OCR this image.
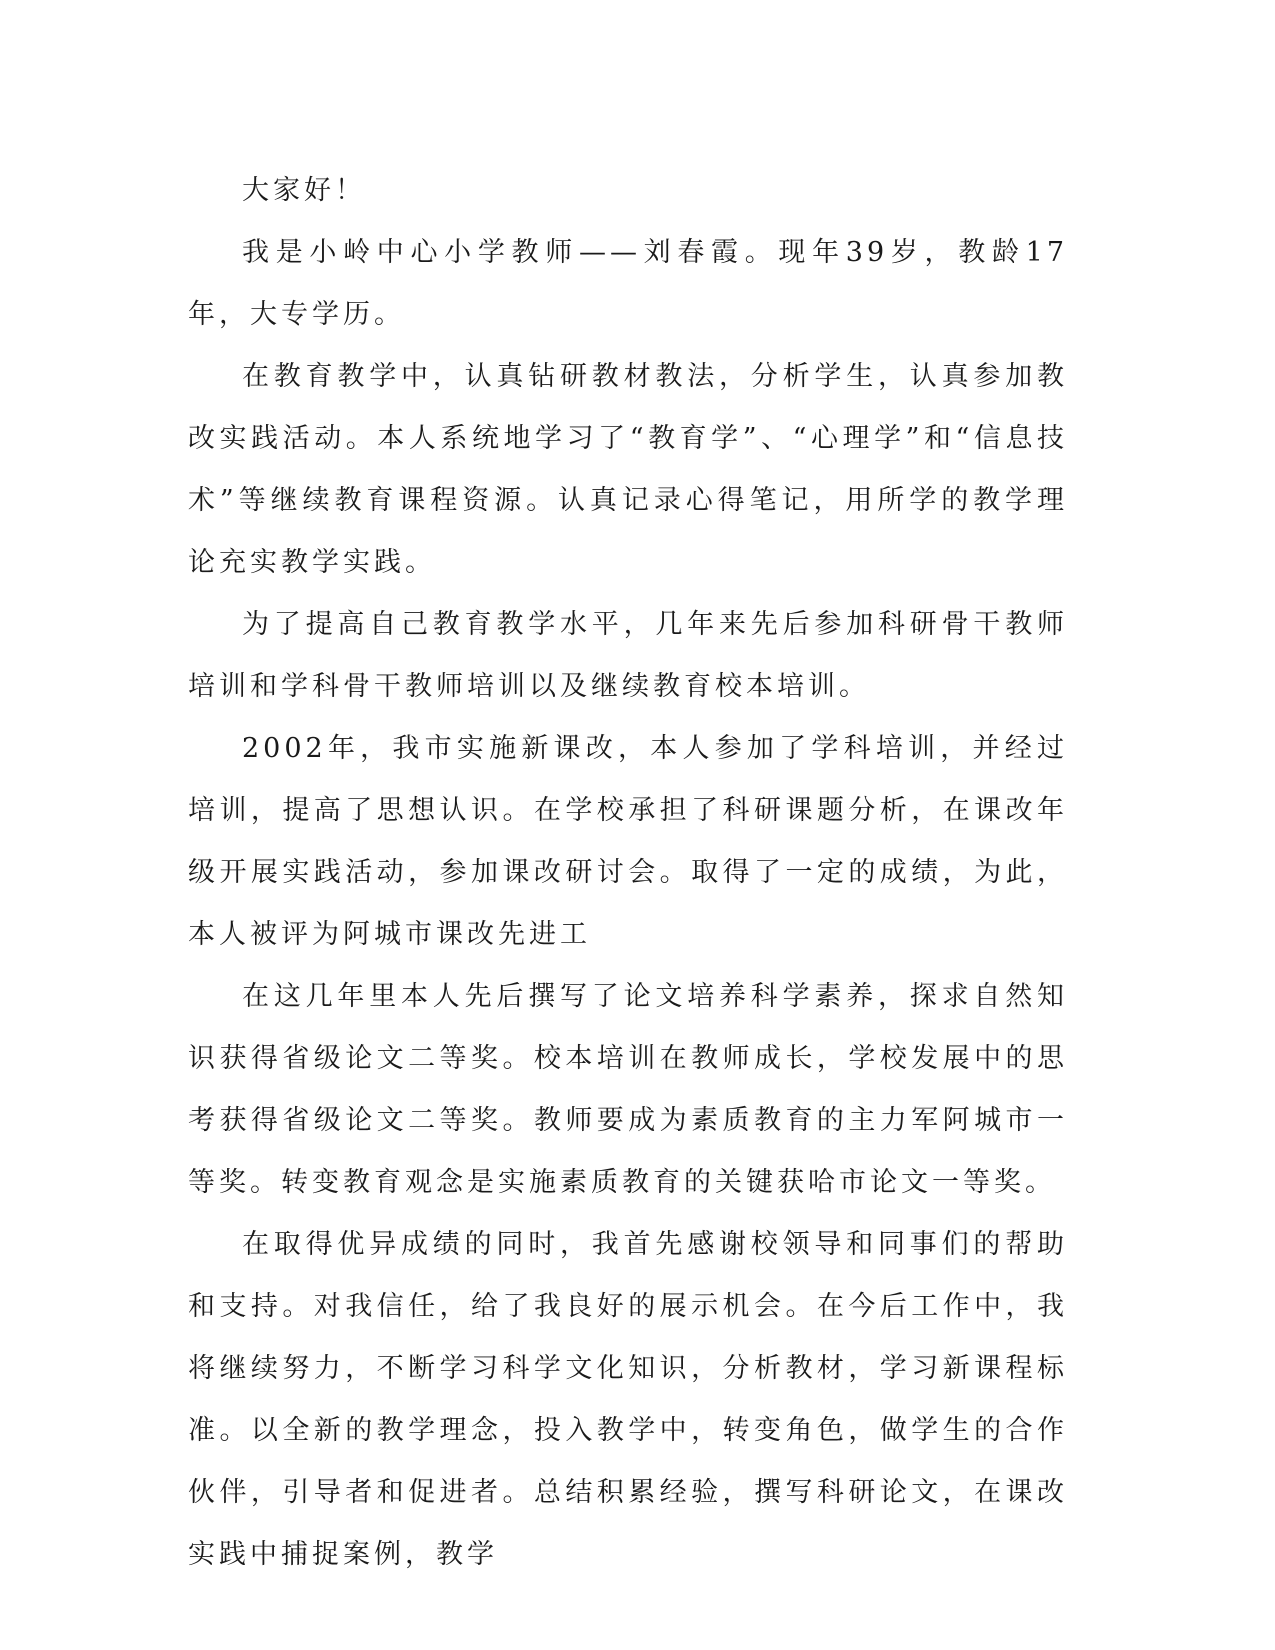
大家好！

我是小岭中心小学教师——刘春霞。现年39岁，教龄17年，大专学历。

在教育教学中，认真钻研教材教法，分析学生，认真参加教改实践活动。本人系统地学习了“教育学”、“心理学”和“信息技术”等继续教育课程资源。认真记录心得笔记，用所学的教学理论充实教学实践。

为了提高自己教育教学水平，几年来先后参加科研骨干教师培训和学科骨干教师培训以及继续教育校本培训。

2002年，我市实施新课改，本人参加了学科培训，并经过培训，提高了思想认识。在学校承担了科研课题分析，在课改年级开展实践活动，参加课改研讨会。取得了一定的成绩，为此，本人被评为阿城市课改先进工

在这几年里本人先后撰写了论文培养科学素养，探求自然知识获得省级论文二等奖。校本培训在教师成长，学校发展中的思考获得省级论文二等奖。教师要成为素质教育的主力军阿城市一等奖。转变教育观念是实施素质教育的关键获哈市论文一等奖。

在取得优异成绩的同时，我首先感谢校领导和同事们的帮助和支持。对我信任，给了我良好的展示机会。在今后工作中，我将继续努力，不断学习科学文化知识，分析教材，学习新课程标准。以全新的教学理念，投入教学中，转变角色，做学生的合作伙伴，引导者和促进者。总结积累经验，撰写科研论文，在课改实践中捕捉案例，教学
